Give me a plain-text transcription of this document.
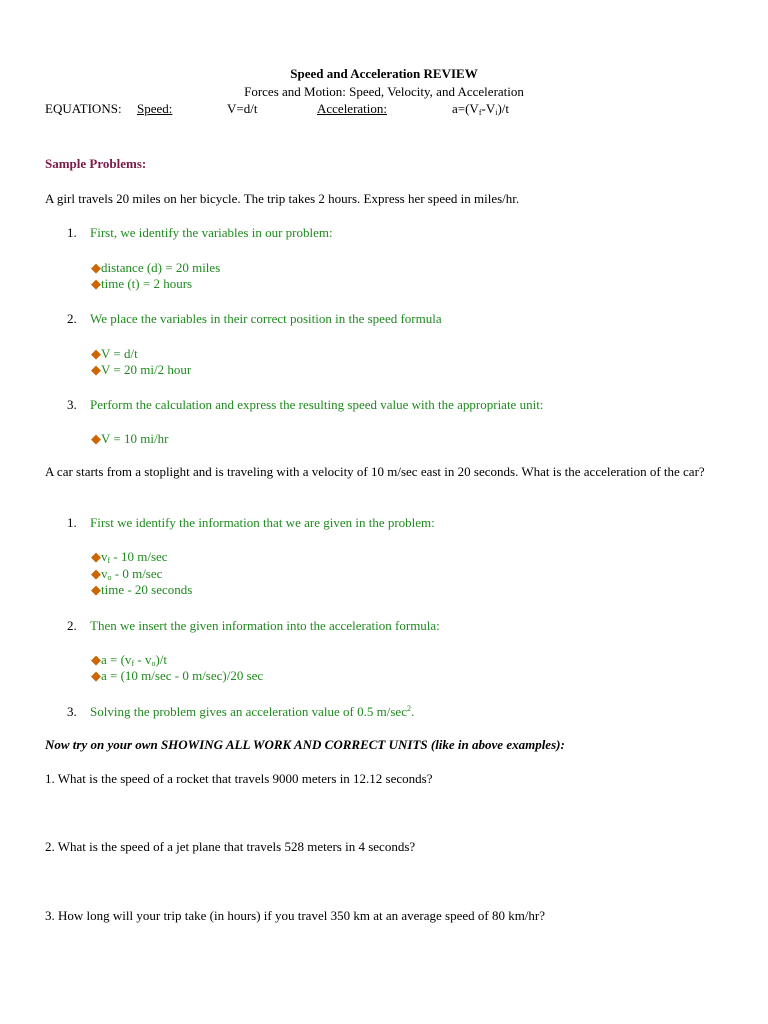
Speed and Acceleration REVIEW
Forces and Motion: Speed, Velocity, and Acceleration
EQUATIONS: Speed:	V=d/t	Acceleration:	$a=(V_f-V_i)/t$
Sample Problems:
A girl travels 20 miles on her bicycle. The trip takes 2 hours. Express her speed in miles/hr.
1. First, we identify the variables in our problem:
◆distance (d) = 20 miles
◆time (t) = 2 hours
2. We place the variables in their correct position in the speed formula
◆V = d/t
◆V = 20 mi/2 hour
3. Perform the calculation and express the resulting speed value with the appropriate unit:
◆V = 10 mi/hr
A car starts from a stoplight and is traveling with a velocity of 10 m/sec east in 20 seconds. What is the acceleration of the car?
1. First we identify the information that we are given in the problem:
$◆v_f - 10$ m/sec
$◆v_o - 0$ m/sec
◆time - 20 seconds
2. Then we insert the given information into the acceleration formula:
◆a = $(v_f - v_o)/t$
◆a = (10 m/sec - 0 m/sec)/20 sec
3. Solving the problem gives an acceleration value of 0.5 $m/\sec^2$.
Now try on your own SHOWING ALL WORK AND CORRECT UNITS (like in above examples):
1. What is the speed of a rocket that travels 9000 meters in 12.12 seconds?
2. What is the speed of a jet plane that travels 528 meters in 4 seconds?
3. How long will your trip take (in hours) if you travel 350 km at an average speed of 80 km/hr?
